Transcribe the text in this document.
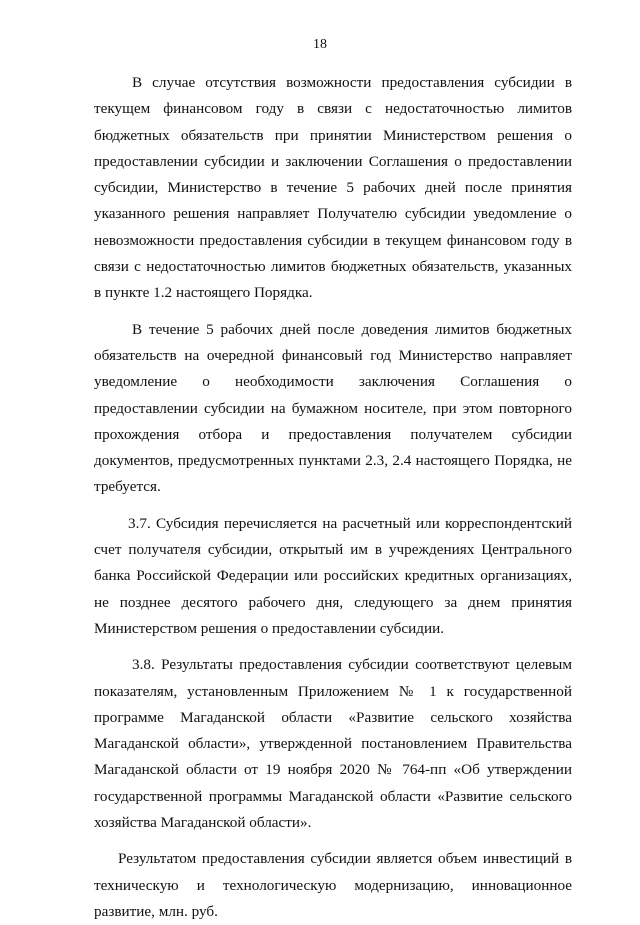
18

В случае отсутствия возможности предоставления субсидии в текущем финансовом году в связи с недостаточностью лимитов бюджетных обязательств при принятии Министерством решения о предоставлении субсидии и заключении Соглашения о предоставлении субсидии, Министерство в течение 5 рабочих дней после принятия указанного решения направляет Получателю субсидии уведомление о невозможности предоставления субсидии в текущем финансовом году в связи с недостаточностью лимитов бюджетных обязательств, указанных в пункте 1.2 настоящего Порядка.

В течение 5 рабочих дней после доведения лимитов бюджетных обязательств на очередной финансовый год Министерство направляет уведомление о необходимости заключения Соглашения о предоставлении субсидии на бумажном носителе, при этом повторного прохождения отбора и предоставления получателем субсидии документов, предусмотренных пунктами 2.3, 2.4 настоящего Порядка, не требуется.

3.7. Субсидия перечисляется на расчетный или корреспондентский счет получателя субсидии, открытый им в учреждениях Центрального банка Российской Федерации или российских кредитных организациях, не позднее десятого рабочего дня, следующего за днем принятия Министерством решения о предоставлении субсидии.

3.8. Результаты предоставления субсидии соответствуют целевым показателям, установленным Приложением № 1 к государственной программе Магаданской области «Развитие сельского хозяйства Магаданской области», утвержденной постановлением Правительства Магаданской области от 19 ноября 2020 № 764-пп «Об утверждении государственной программы Магаданской области «Развитие сельского хозяйства Магаданской области».

Результатом предоставления субсидии является объем инвестиций в техническую и технологическую модернизацию, инновационное развитие, млн. руб.
